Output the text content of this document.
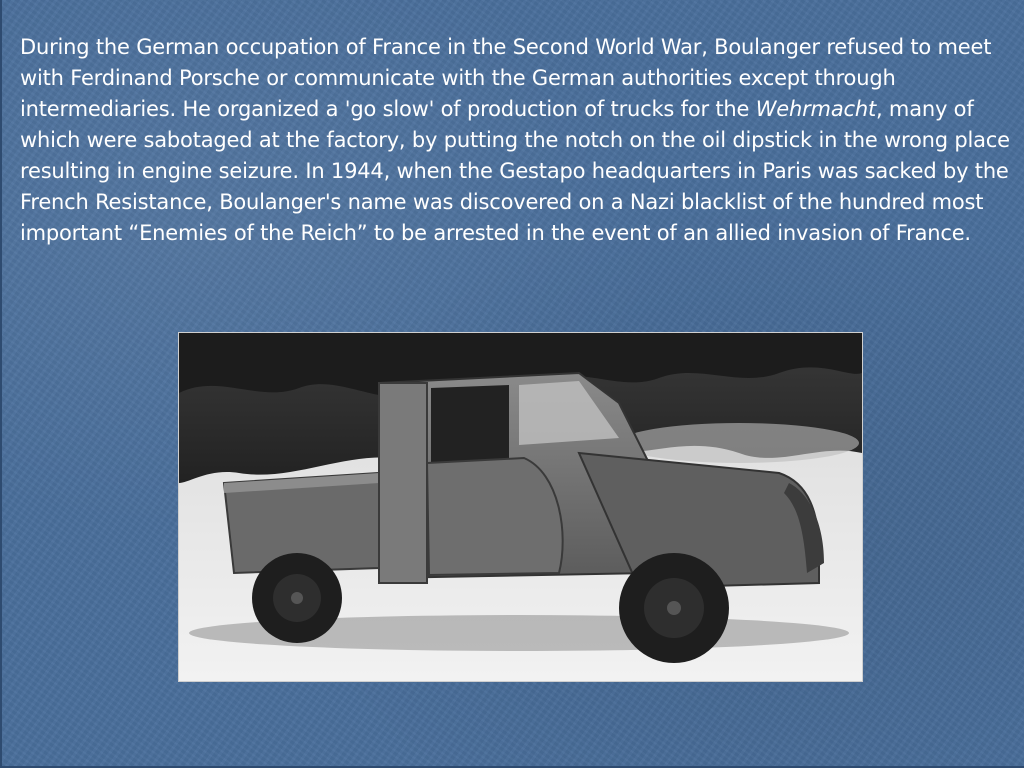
During the German occupation of France in the Second World War, Boulanger refused to meet with Ferdinand Porsche or communicate with the German authorities except through intermediaries. He organized a 'go slow' of production of trucks for the Wehrmacht, many of which were sabotaged at the factory, by putting the notch on the oil dipstick in the wrong place resulting in engine seizure. In 1944, when the Gestapo headquarters in Paris was sacked by the French Resistance, Boulanger's name was discovered on a Nazi blacklist of the hundred most important “Enemies of the Reich” to be arrested in the event of an allied invasion of France.
